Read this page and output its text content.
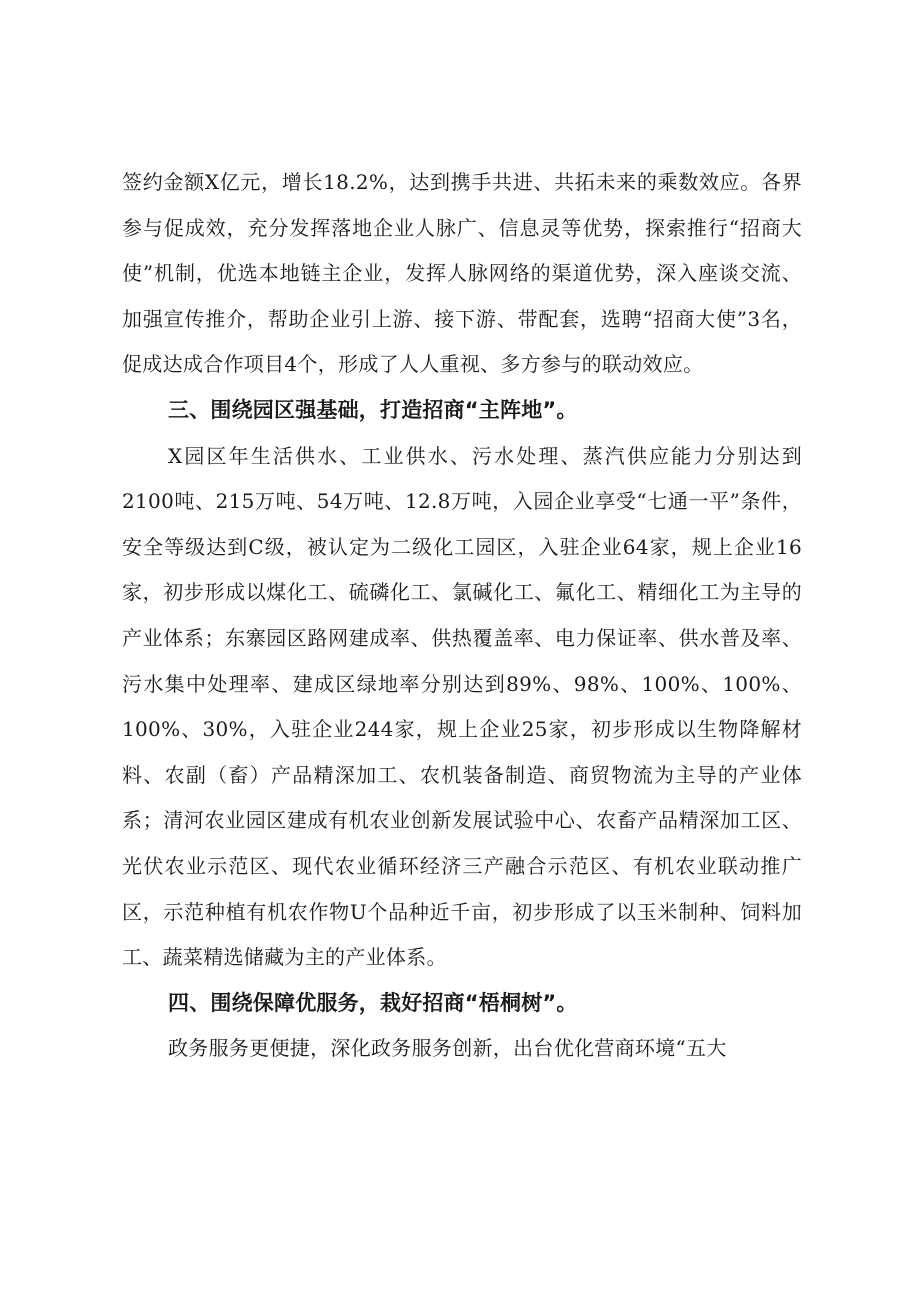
签约金额X亿元，增长18.2%，达到携手共进、共拓未来的乘数效应。各界参与促成效，充分发挥落地企业人脉广、信息灵等优势，探索推行“招商大使”机制，优选本地链主企业，发挥人脉网络的渠道优势，深入座谈交流、加强宣传推介，帮助企业引上游、接下游、带配套，选聘“招商大使”3名，促成达成合作项目4个，形成了人人重视、多方参与的联动效应。

三、围绕园区强基础，打造招商“主阵地”。

X园区年生活供水、工业供水、污水处理、蒸汽供应能力分别达到2100吨、215万吨、54万吨、12.8万吨，入园企业享受“七通一平”条件，安全等级达到C级，被认定为二级化工园区，入驻企业64家，规上企业16家，初步形成以煤化工、硫磷化工、氯碱化工、氟化工、精细化工为主导的产业体系；东寨园区路网建成率、供热覆盖率、电力保证率、供水普及率、污水集中处理率、建成区绿地率分别达到89%、98%、100%、100%、100%、30%，入驻企业244家，规上企业25家，初步形成以生物降解材料、农副（畜）产品精深加工、农机装备制造、商贸物流为主导的产业体系；清河农业园区建成有机农业创新发展试验中心、农畜产品精深加工区、光伏农业示范区、现代农业循环经济三产融合示范区、有机农业联动推广区，示范种植有机农作物U个品种近千亩，初步形成了以玉米制种、饲料加工、蔬菜精选储藏为主的产业体系。

四、围绕保障优服务，栽好招商“梧桐树”。

政务服务更便捷，深化政务服务创新，出台优化营商环境“五大
